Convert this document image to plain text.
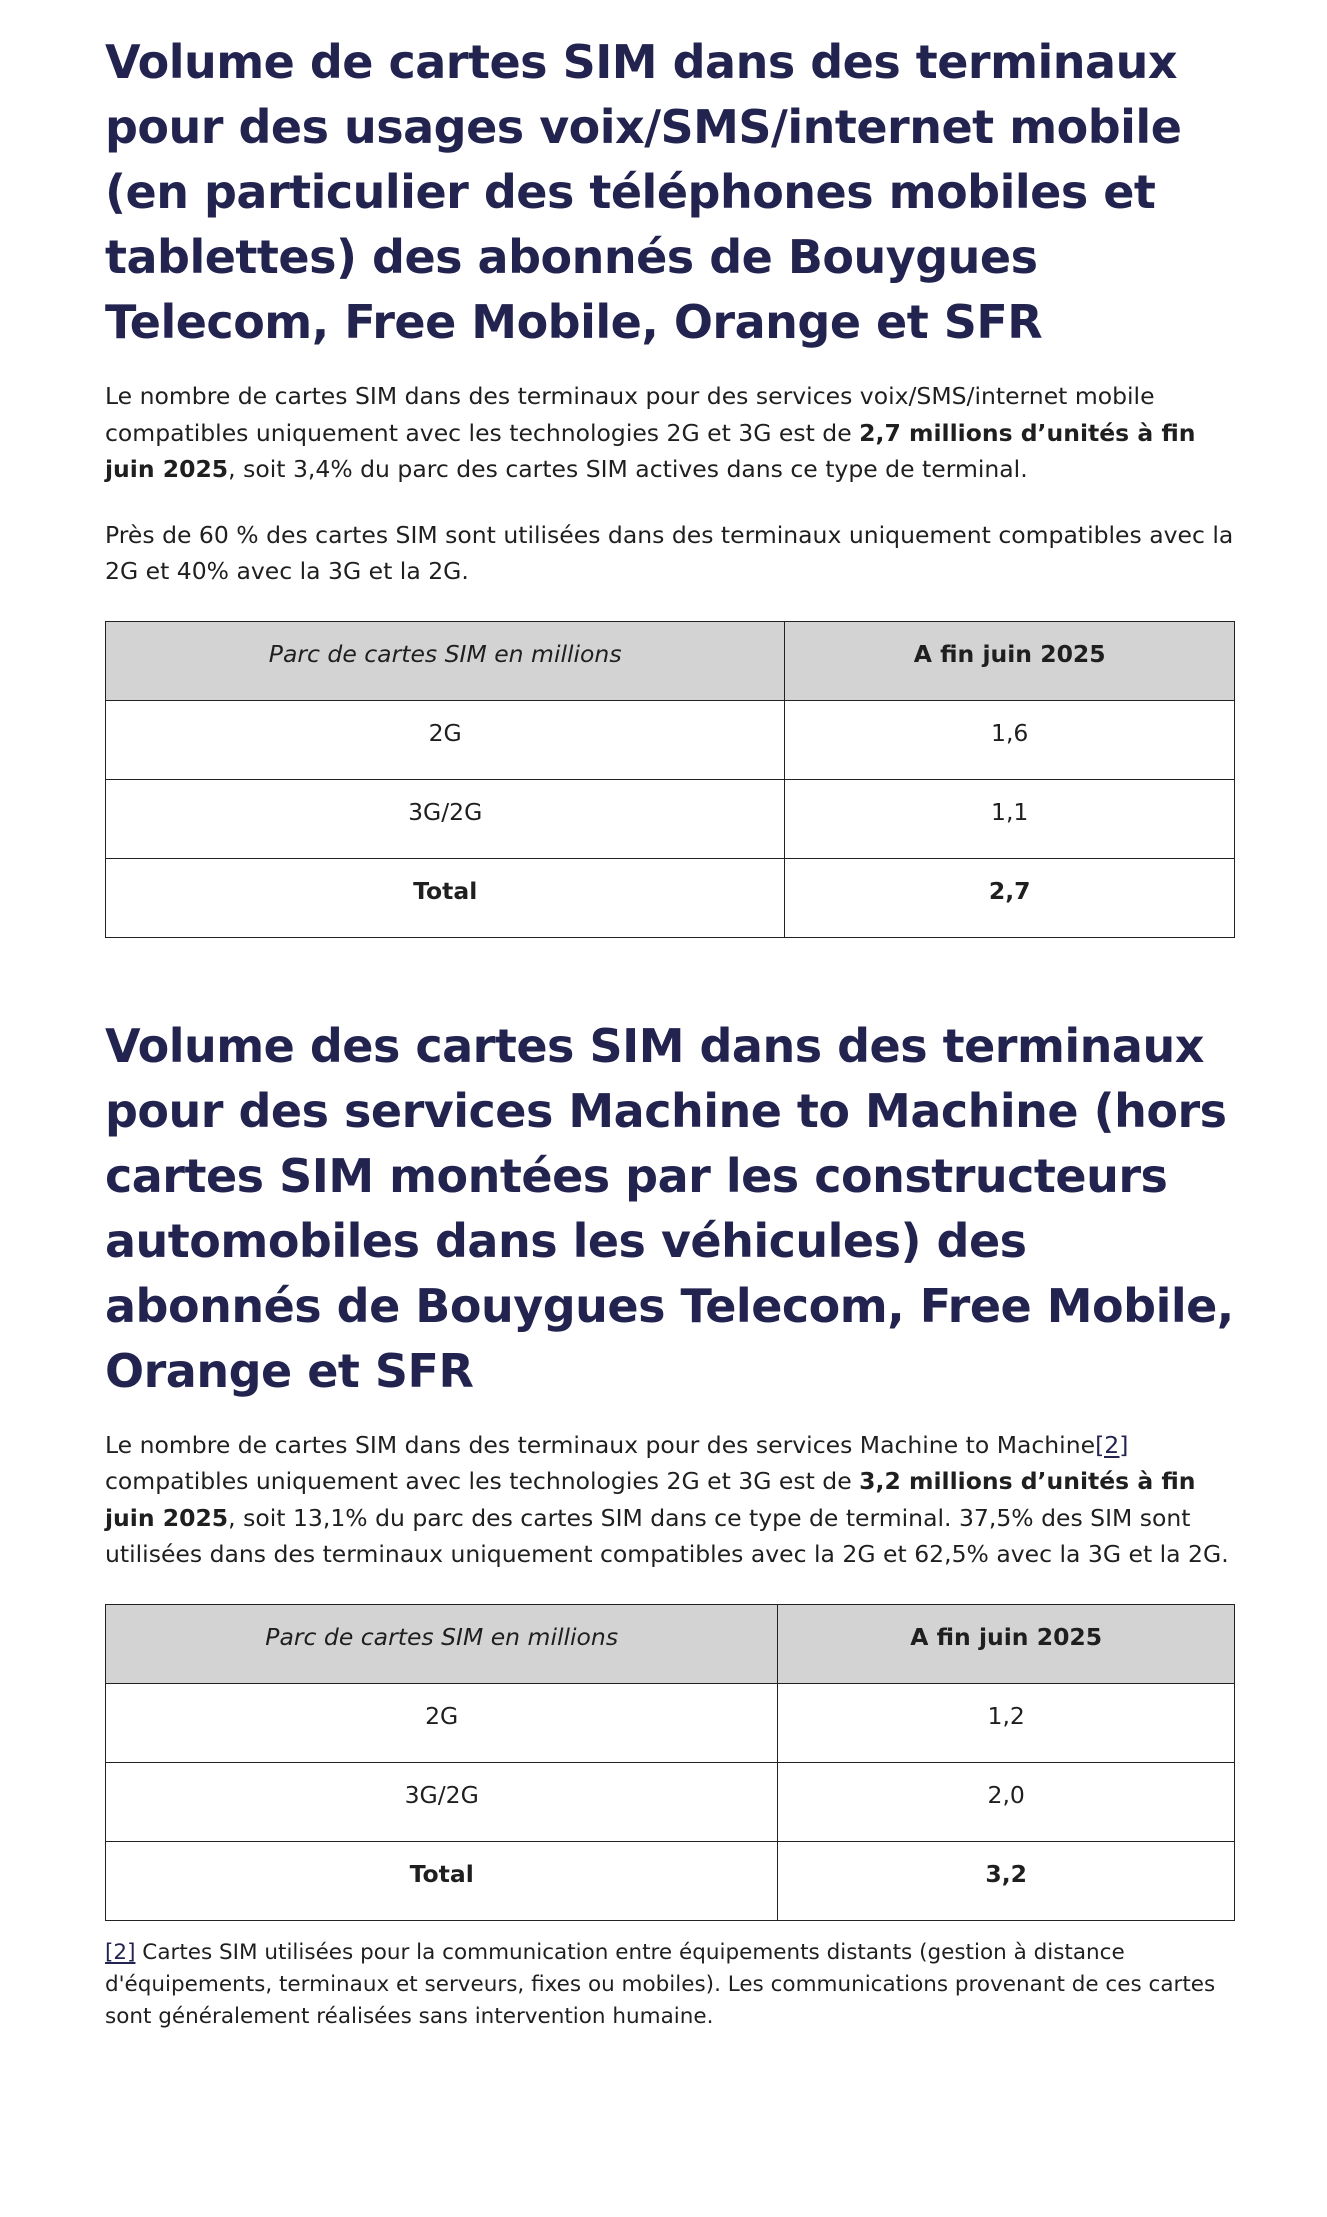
Volume de cartes SIM dans des terminaux pour des usages voix/SMS/internet mobile (en particulier des téléphones mobiles et tablettes) des abonnés de Bouygues Telecom, Free Mobile, Orange et SFR

Le nombre de cartes SIM dans des terminaux pour des services voix/SMS/internet mobile compatibles uniquement avec les technologies 2G et 3G est de 2,7 millions d’unités à fin juin 2025, soit 3,4% du parc des cartes SIM actives dans ce type de terminal.

Près de 60 % des cartes SIM sont utilisées dans des terminaux uniquement compatibles avec la 2G et 40% avec la 3G et la 2G.

Parc de cartes SIM en millions	A fin juin 2025
2G	1,6
3G/2G	1,1
Total	2,7
Volume des cartes SIM dans des terminaux pour des services Machine to Machine (hors cartes SIM montées par les constructeurs automobiles dans les véhicules) des abonnés de Bouygues Telecom, Free Mobile, Orange et SFR

Le nombre de cartes SIM dans des terminaux pour des services Machine to Machine[2] compatibles uniquement avec les technologies 2G et 3G est de 3,2 millions d’unités à fin juin 2025, soit 13,1% du parc des cartes SIM dans ce type de terminal. 37,5% des SIM sont utilisées dans des terminaux uniquement compatibles avec la 2G et 62,5% avec la 3G et la 2G.

Parc de cartes SIM en millions	A fin juin 2025
2G	1,2
3G/2G	2,0
Total	3,2

[2] Cartes SIM utilisées pour la communication entre équipements distants (gestion à distance d'équipements, terminaux et serveurs, fixes ou mobiles). Les communications provenant de ces cartes sont généralement réalisées sans intervention humaine.
